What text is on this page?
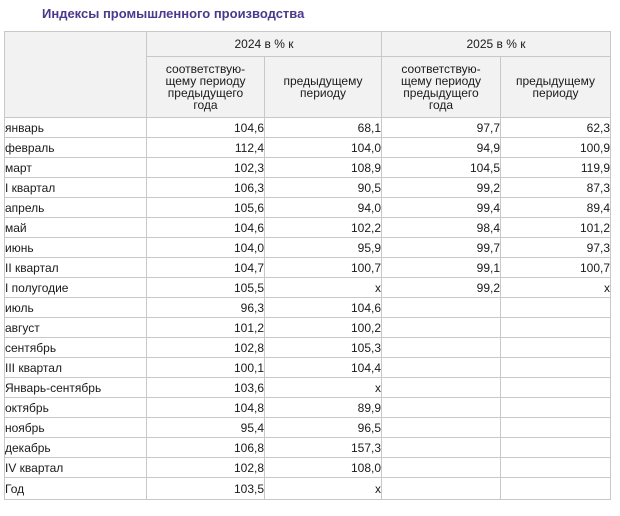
Индексы промышленного производства
	2024 в % к		2025 в % к	
	соответствую-щему периоду предыдущего года	предыдущему периоду	соответствую-щему периоду предыдущего года	предыдущему периоду
январь	104,6	68,1	97,7	62,3
февраль	112,4	104,0	94,9	100,9
март	102,3	108,9	104,5	119,9
I квартал	106,3	90,5	99,2	87,3
апрель	105,6	94,0	99,4	89,4
май	104,6	102,2	98,4	101,2
июнь	104,0	95,9	99,7	97,3
II квартал	104,7	100,7	99,1	100,7
I полугодие	105,5	x	99,2	x
июль	96,3	104,6		
август	101,2	100,2		
сентябрь	102,8	105,3		
III квартал	100,1	104,4		
Январь-сентябрь	103,6	x		
октябрь	104,8	89,9		
ноябрь	95,4	96,5		
декабрь	106,8	157,3		
IV квартал	102,8	108,0		
Год	103,5	x		
